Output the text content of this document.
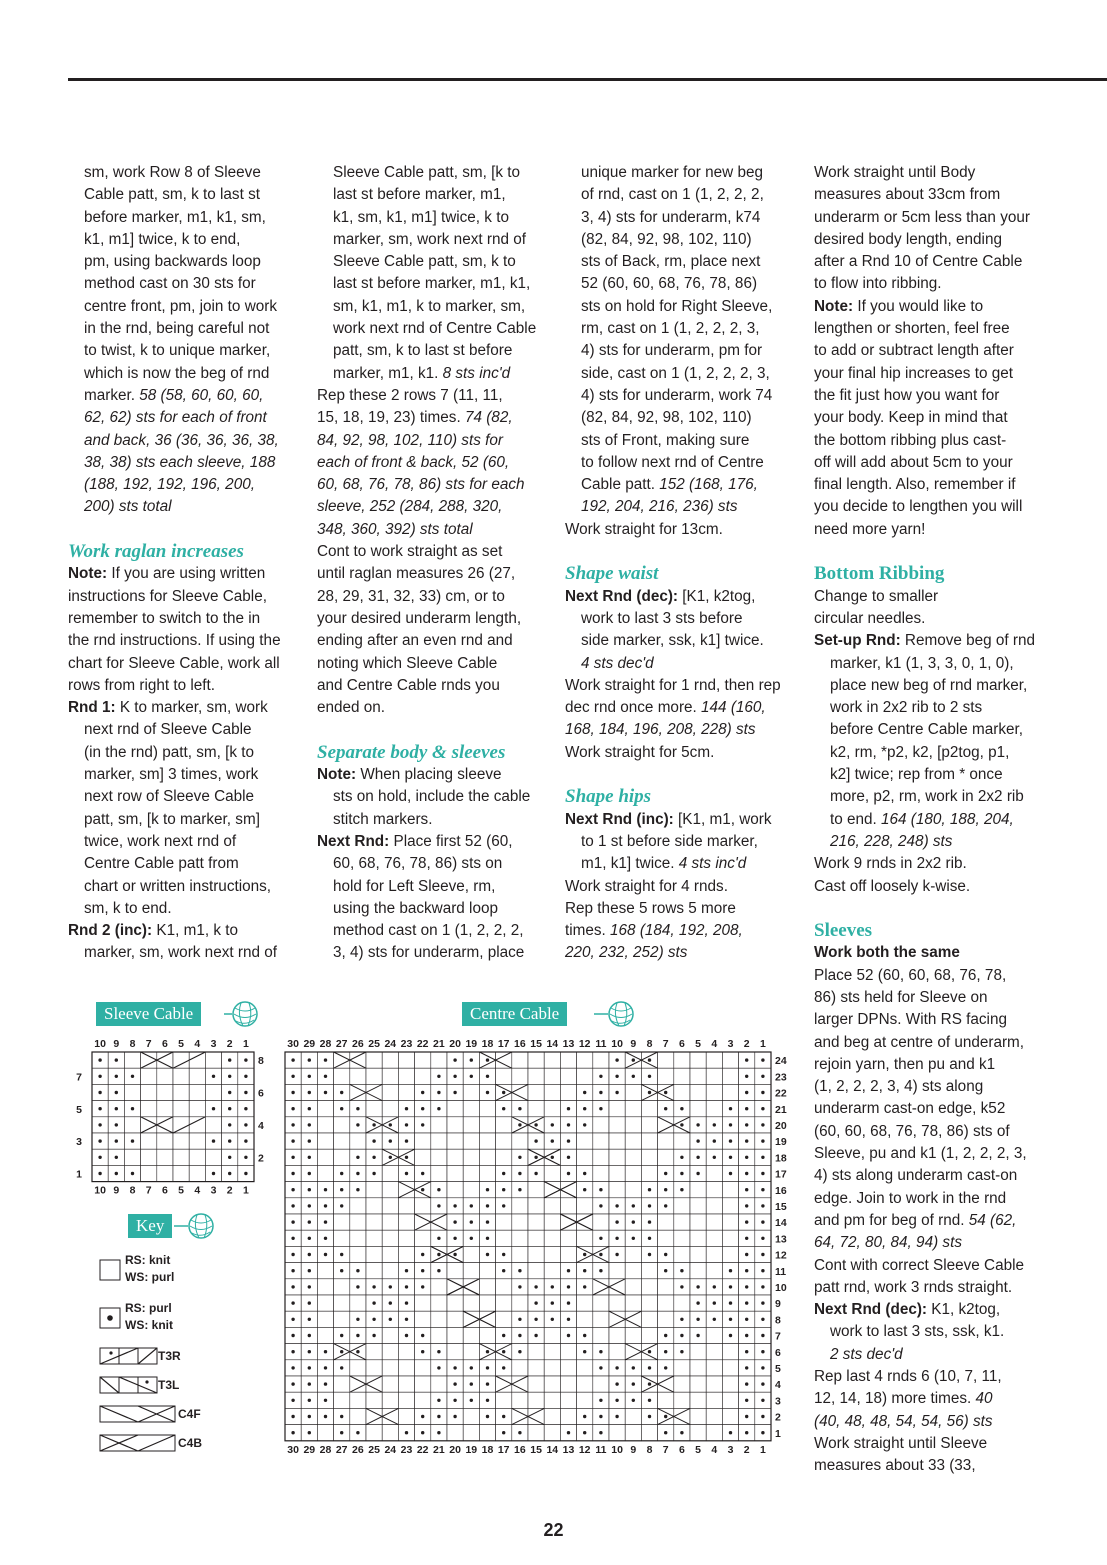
sm, work Row 8 of Sleeve
Cable patt, sm, k to last st
before marker, m1, k1, sm,
k1, m1] twice, k to end,
pm, using backwards loop
method cast on 30 sts for
centre front, pm, join to work
in the rnd, being careful not
to twist, k to unique marker,
which is now the beg of rnd
marker. 58 (58, 60, 60, 60,
62, 62) sts for each of front
and back, 36 (36, 36, 36, 38,
38, 38) sts each sleeve, 188
(188, 192, 192, 196, 200,
200) sts total
Work raglan increases
Note: If you are using written
instructions for Sleeve Cable,
remember to switch to the in
the rnd instructions. If using the
chart for Sleeve Cable, work all
rows from right to left.
Rnd 1: K to marker, sm, work
next rnd of Sleeve Cable
(in the rnd) patt, sm, [k to
marker, sm] 3 times, work
next row of Sleeve Cable
patt, sm, [k to marker, sm]
twice, work next rnd of
Centre Cable patt from
chart or written instructions,
sm, k to end.
Rnd 2 (inc): K1, m1, k to
marker, sm, work next rnd of
Sleeve Cable patt, sm, [k to
last st before marker, m1,
k1, sm, k1, m1] twice, k to
marker, sm, work next rnd of
Sleeve Cable patt, sm, k to
last st before marker, m1, k1,
sm, k1, m1, k to marker, sm,
work next rnd of Centre Cable
patt, sm, k to last st before
marker, m1, k1. 8 sts inc'd
Rep these 2 rows 7 (11, 11,
15, 18, 19, 23) times. 74 (82,
84, 92, 98, 102, 110) sts for
each of front & back, 52 (60,
60, 68, 76, 78, 86) sts for each
sleeve, 252 (284, 288, 320,
348, 360, 392) sts total
Cont to work straight as set
until raglan measures 26 (27,
28, 29, 31, 32, 33) cm, or to
your desired underarm length,
ending after an even rnd and
noting which Sleeve Cable
and Centre Cable rnds you
ended on.
Separate body & sleeves
Note: When placing sleeve
sts on hold, include the cable
stitch markers.
Next Rnd: Place first 52 (60,
60, 68, 76, 78, 86) sts on
hold for Left Sleeve, rm,
using the backward loop
method cast on 1 (1, 2, 2, 2,
3, 4) sts for underarm, place
unique marker for new beg
of rnd, cast on 1 (1, 2, 2, 2,
3, 4) sts for underarm, k74
(82, 84, 92, 98, 102, 110)
sts of Back, rm, place next
52 (60, 60, 68, 76, 78, 86)
sts on hold for Right Sleeve,
rm, cast on 1 (1, 2, 2, 2, 3,
4) sts for underarm, pm for
side, cast on 1 (1, 2, 2, 2, 3,
4) sts for underarm, work 74
(82, 84, 92, 98, 102, 110)
sts of Front, making sure
to follow next rnd of Centre
Cable patt. 152 (168, 176,
192, 204, 216, 236) sts
Work straight for 13cm.
Shape waist
Next Rnd (dec): [K1, k2tog,
work to last 3 sts before
side marker, ssk, k1] twice.
4 sts dec'd
Work straight for 1 rnd, then rep
dec rnd once more. 144 (160,
168, 184, 196, 208, 228) sts
Work straight for 5cm.
Shape hips
Next Rnd (inc): [K1, m1, work
to 1 st before side marker,
m1, k1] twice. 4 sts inc'd
Work straight for 4 rnds.
Rep these 5 rows 5 more
times. 168 (184, 192, 208,
220, 232, 252) sts
Work straight until Body
measures about 33cm from
underarm or 5cm less than your
desired body length, ending
after a Rnd 10 of Centre Cable
to flow into ribbing.
Note: If you would like to
lengthen or shorten, feel free
to add or subtract length after
your final hip increases to get
the fit just how you want for
your body. Keep in mind that
the bottom ribbing plus cast-
off will add about 5cm to your
final length. Also, remember if
you decide to lengthen you will
need more yarn!
Bottom Ribbing
Change to smaller
circular needles.
Set-up Rnd: Remove beg of rnd
marker, k1 (1, 3, 3, 0, 1, 0),
place new beg of rnd marker,
work in 2x2 rib to 2 sts
before Centre Cable marker,
k2, rm, *p2, k2, [p2tog, p1,
k2] twice; rep from * once
more, p2, rm, work in 2x2 rib
to end. 164 (180, 188, 204,
216, 228, 248) sts
Work 9 rnds in 2x2 rib.
Cast off loosely k-wise.
Sleeves
Work both the same
Place 52 (60, 60, 68, 76, 78,
86) sts held for Sleeve on
larger DPNs. With RS facing
and beg at centre of underarm,
rejoin yarn, then pu and k1
(1, 2, 2, 2, 3, 4) sts along
underarm cast-on edge, k52
(60, 60, 68, 76, 78, 86) sts of
Sleeve, pu and k1 (1, 2, 2, 2, 3,
4) sts along underarm cast-on
edge. Join to work in the rnd
and pm for beg of rnd. 54 (62,
64, 72, 80, 84, 94) sts
Cont with correct Sleeve Cable
patt rnd, work 3 rnds straight.
Next Rnd (dec): K1, k2tog,
work to last 3 sts, ssk, k1.
2 sts dec'd
Rep last 4 rnds 6 (10, 7, 11,
12, 14, 18) more times. 40
(40, 48, 48, 54, 54, 56) sts
Work straight until Sleeve
measures about 33 (33,
Sleeve Cable
10
10
9
9
8
8
7
7
6
6
5
5
4
4
3
3
2
2
1
1
8
6
4
2
7
5
3
1
Key
RS: knit
WS: purl
RS: purl
WS: knit
T3R
T3L
C4F
C4B
Centre Cable
30
30
29
29
28
28
27
27
26
26
25
25
24
24
23
23
22
22
21
21
20
20
19
19
18
18
17
17
16
16
15
15
14
14
13
13
12
12
11
11
10
10
9
9
8
8
7
7
6
6
5
5
4
4
3
3
2
2
1
1
24
23
22
21
20
19
18
17
16
15
14
13
12
11
10
9
8
7
6
5
4
3
2
1
22
